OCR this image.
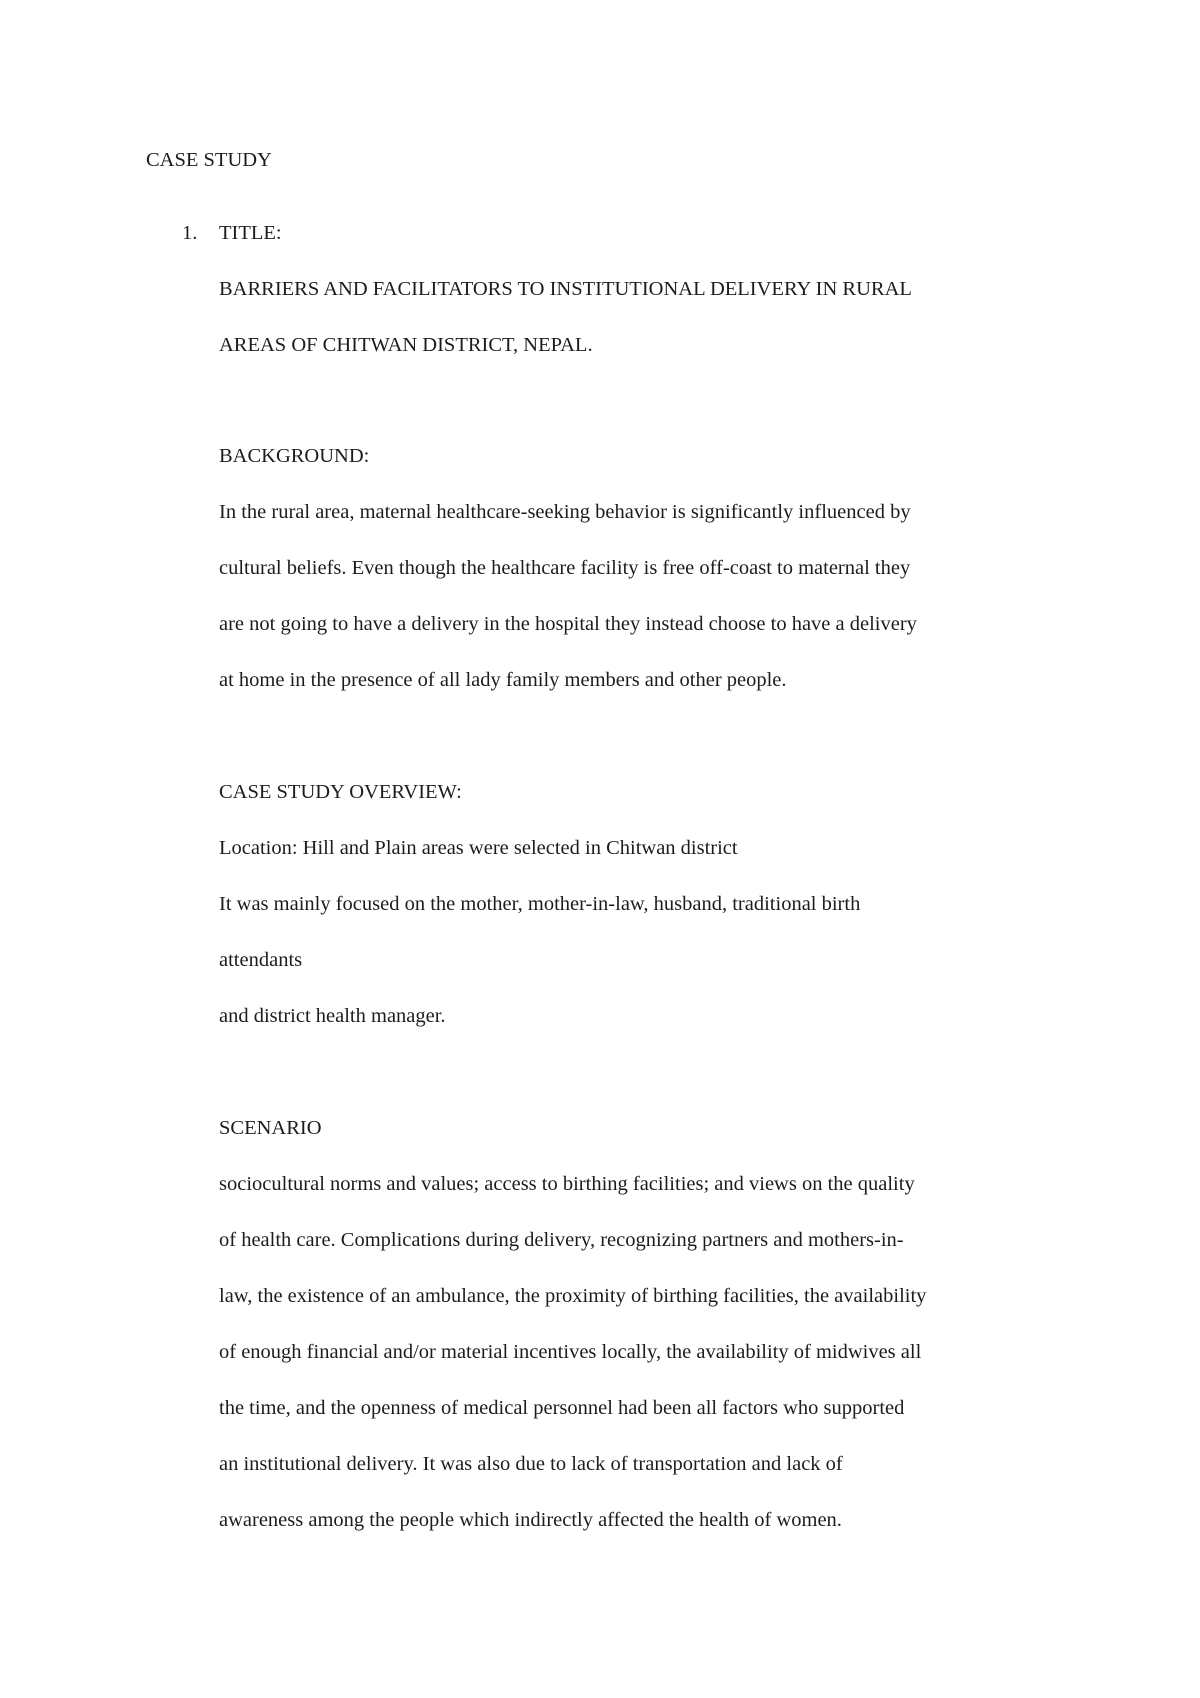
CASE STUDY
1. TITLE:
BARRIERS AND FACILITATORS TO INSTITUTIONAL DELIVERY IN RURAL
AREAS OF CHITWAN DISTRICT, NEPAL.
BACKGROUND:
In the rural area, maternal healthcare-seeking behavior is significantly influenced by
cultural beliefs. Even though the healthcare facility is free off-coast to maternal they
are not going to have a delivery in the hospital they instead choose to have a delivery
at home in the presence of all lady family members and other people.
CASE STUDY OVERVIEW:
Location: Hill and Plain areas were selected in Chitwan district
It was mainly focused on the mother, mother-in-law, husband, traditional birth
attendants
and district health manager.
SCENARIO
sociocultural norms and values; access to birthing facilities; and views on the quality
of health care. Complications during delivery, recognizing partners and mothers-in-
law, the existence of an ambulance, the proximity of birthing facilities, the availability
of enough financial and/or material incentives locally, the availability of midwives all
the time, and the openness of medical personnel had been all factors who supported
an institutional delivery. It was also due to lack of transportation and lack of
awareness among the people which indirectly affected the health of women.
